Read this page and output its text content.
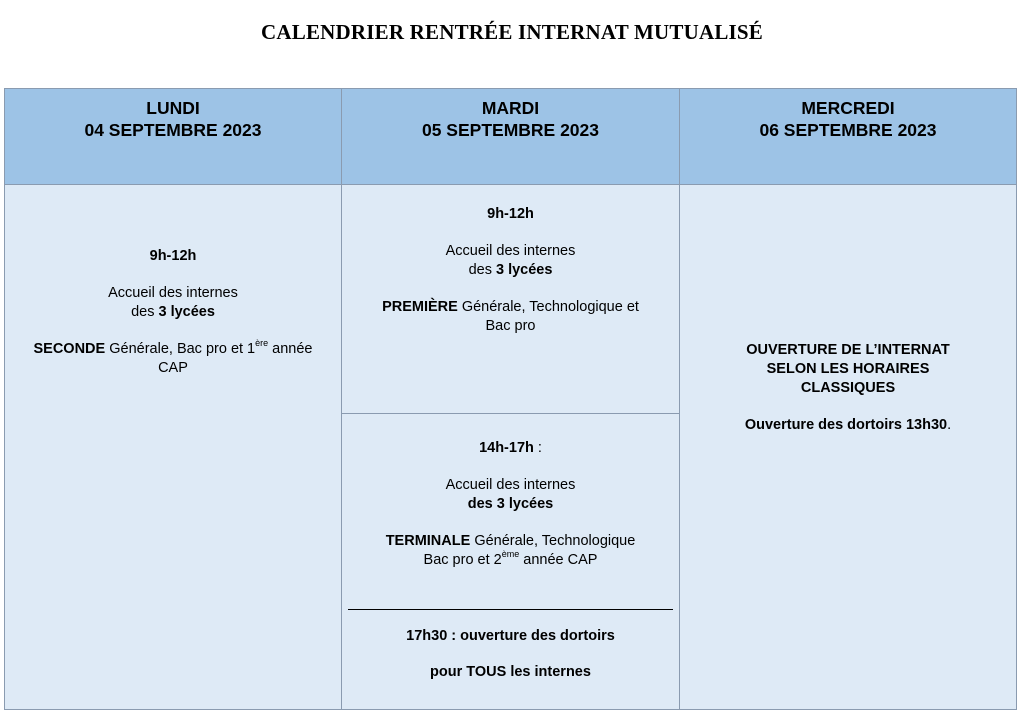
CALENDRIER RENTRÉE INTERNAT MUTUALISÉ
LUNDI
04 SEPTEMBRE 2023
9h-12h
Accueil des internes
des 3 lycées
SECONDE Générale, Bac pro et 1ère année
CAP
MARDI
05 SEPTEMBRE 2023
9h-12h
Accueil des internes
des 3 lycées
PREMIÈRE Générale, Technologique et
Bac pro
14h-17h :
Accueil des internes
des 3 lycées
TERMINALE Générale, Technologique
Bac pro et 2ème année CAP
17h30 : ouverture des dortoirs
pour TOUS les internes
MERCREDI
06 SEPTEMBRE 2023
OUVERTURE DE L’INTERNAT
SELON LES HORAIRES
CLASSIQUES
Ouverture des dortoirs 13h30.
